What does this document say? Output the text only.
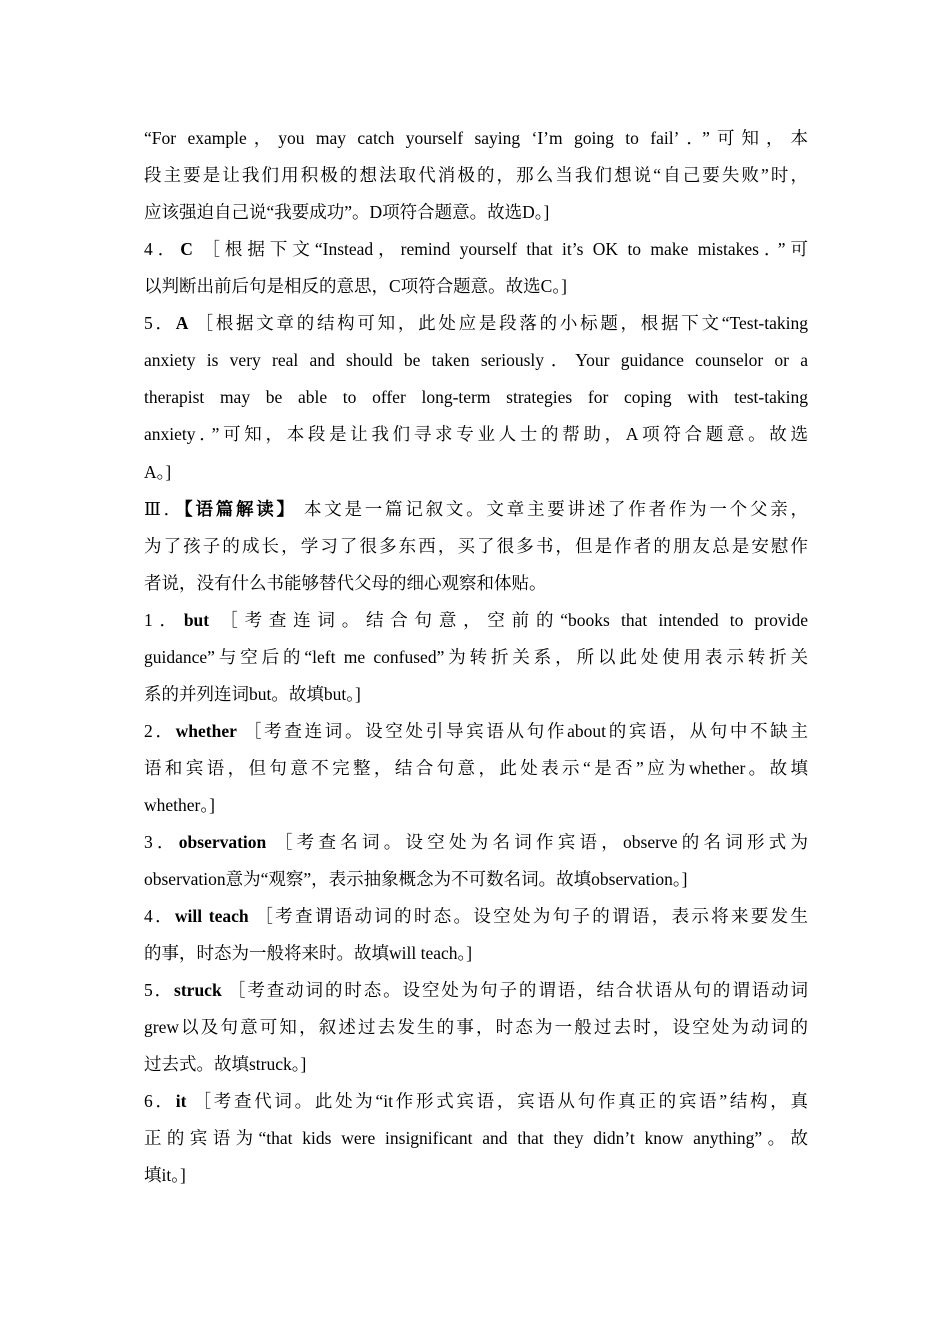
“For example，you may catch yourself saying ‘I’m going to fail’．”可知，本
段主要是让我们用积极的想法取代消极的，那么当我们想说“自己要失败”时，
应该强迫自己说“我要成功”。D项符合题意。故选D。]
4．C ［根据下文“Instead，remind yourself that it’s OK to make mistakes．”可
以判断出前后句是相反的意思，C项符合题意。故选C。]
5．A ［根据文章的结构可知，此处应是段落的小标题，根据下文“Test-taking
anxiety is very real and should be taken seriously．Your guidance counselor or a
therapist may be able to offer long-term strategies for coping with test-taking
anxiety．”可知，本段是让我们寻求专业人士的帮助，A项符合题意。故选
A。]
Ⅲ．【语篇解读】 本文是一篇记叙文。文章主要讲述了作者作为一个父亲，
为了孩子的成长，学习了很多东西，买了很多书，但是作者的朋友总是安慰作
者说，没有什么书能够替代父母的细心观察和体贴。
1．but ［考查连词。结合句意，空前的“books that intended to provide
guidance”与空后的“left me confused”为转折关系，所以此处使用表示转折关
系的并列连词but。故填but。]
2．whether ［考查连词。设空处引导宾语从句作about的宾语，从句中不缺主
语和宾语，但句意不完整，结合句意，此处表示“是否”应为whether。故填
whether。]
3．observation ［考查名词。设空处为名词作宾语，observe的名词形式为
observation意为“观察”，表示抽象概念为不可数名词。故填observation。]
4．will teach ［考查谓语动词的时态。设空处为句子的谓语，表示将来要发生
的事，时态为一般将来时。故填will teach。]
5．struck ［考查动词的时态。设空处为句子的谓语，结合状语从句的谓语动词
grew以及句意可知，叙述过去发生的事，时态为一般过去时，设空处为动词的
过去式。故填struck。]
6．it ［考查代词。此处为“it作形式宾语，宾语从句作真正的宾语”结构，真
正的宾语为“that kids were insignificant and that they didn’t know anything”。故
填it。]
